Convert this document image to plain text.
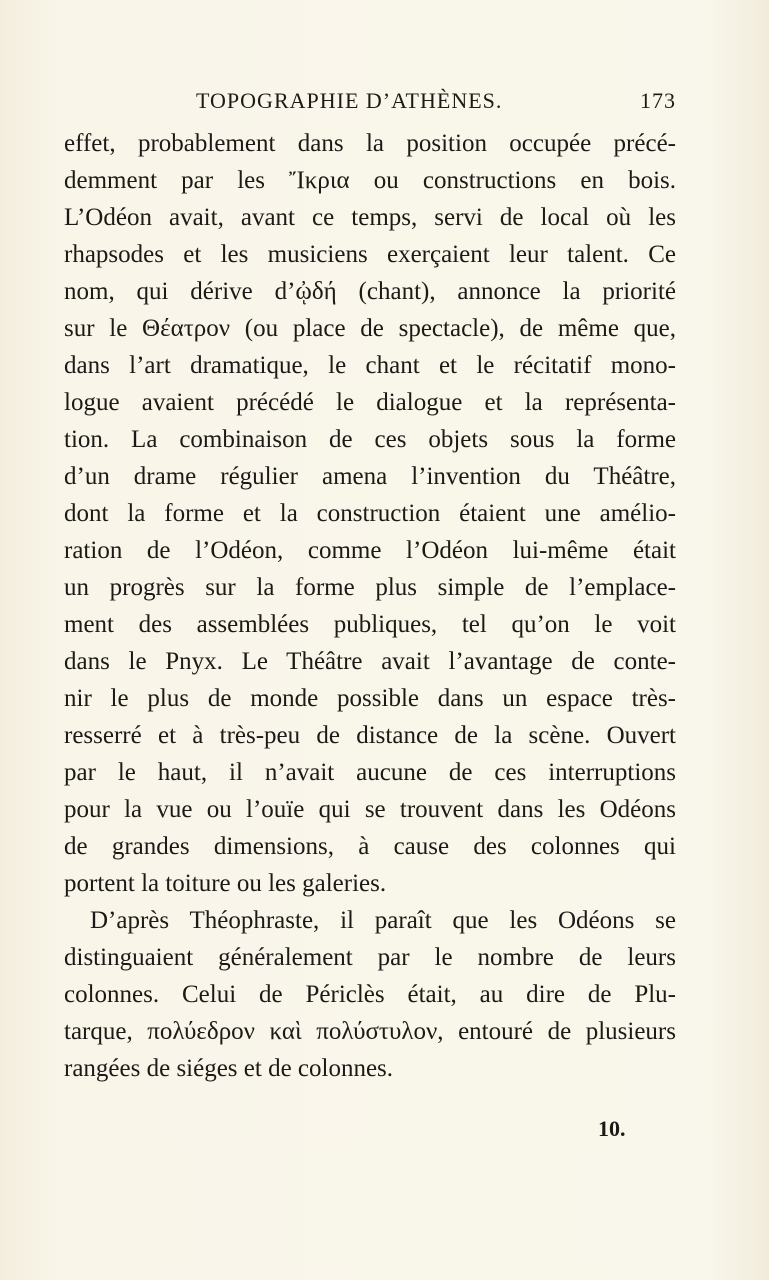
TOPOGRAPHIE D’ATHÈNES.	173
effet, probablement dans la position occupée précé-
demment par les Ἴκρια ou constructions en bois.
L’Odéon avait, avant ce temps, servi de local où les
rhapsodes et les musiciens exerçaient leur talent. Ce
nom, qui dérive d’ᾠδή (chant), annonce la priorité
sur le Θέατρον (ou place de spectacle), de même que,
dans l’art dramatique, le chant et le récitatif mono-
logue avaient précédé le dialogue et la représenta-
tion. La combinaison de ces objets sous la forme
d’un drame régulier amena l’invention du Théâtre,
dont la forme et la construction étaient une amélio-
ration de l’Odéon, comme l’Odéon lui-même était
un progrès sur la forme plus simple de l’emplace-
ment des assemblées publiques, tel qu’on le voit
dans le Pnyx. Le Théâtre avait l’avantage de conte-
nir le plus de monde possible dans un espace très-
resserré et à très-peu de distance de la scène. Ouvert
par le haut, il n’avait aucune de ces interruptions
pour la vue ou l’ouïe qui se trouvent dans les Odéons
de grandes dimensions, à cause des colonnes qui
portent la toiture ou les galeries.
D’après Théophraste, il paraît que les Odéons se
distinguaient généralement par le nombre de leurs
colonnes. Celui de Périclès était, au dire de Plu-
tarque, πολύεδρον καὶ πολύστυλον, entouré de plusieurs
rangées de siéges et de colonnes.
10.
